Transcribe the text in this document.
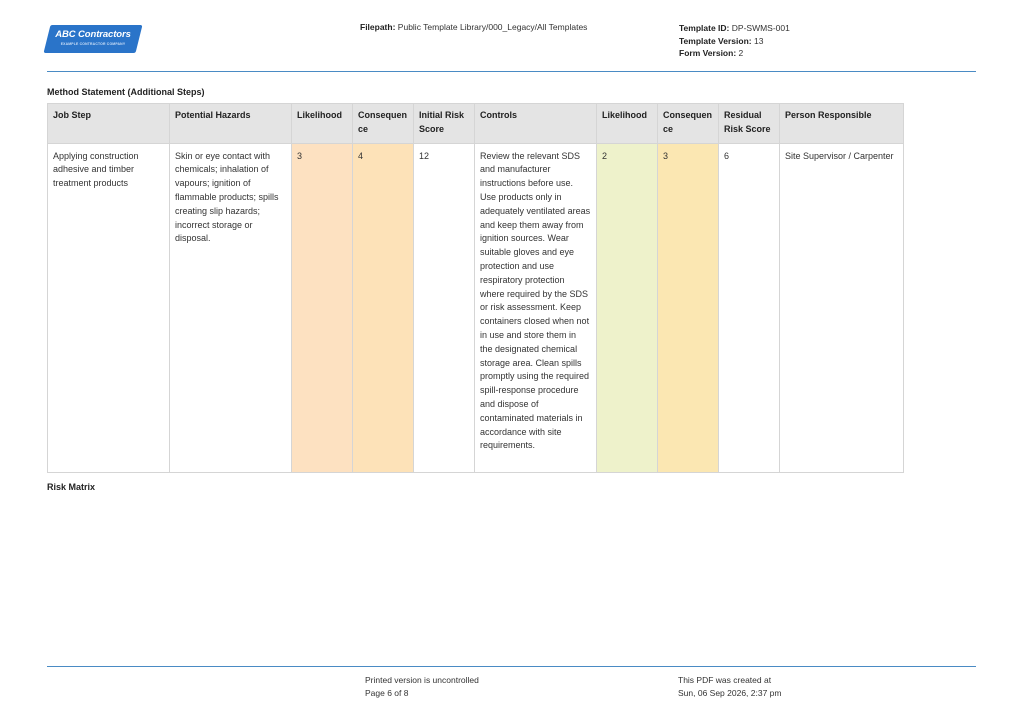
ABC Contractors
EXAMPLE CONTRACTOR COMPANY
Filepath: Public Template Library/000_Legacy/All Templates	Template ID: DP-SWMS-001
Template Version: 13
Form Version: 2
Method Statement (Additional Steps)
Job Step	Potential Hazards	Likelihood	Consequen ce	Initial Risk Score	Controls	Likelihood	Consequen ce	Residual Risk Score	Person Responsible
Applying construction adhesive and timber treatment products	Skin or eye contact with chemicals; inhalation of vapours; ignition of flammable products; spills creating slip hazards; incorrect storage or disposal.	3	4	12	Review the relevant SDS and manufacturer instructions before use. Use products only in adequately ventilated areas and keep them away from ignition sources. Wear suitable gloves and eye protection and use respiratory protection where required by the SDS or risk assessment. Keep containers closed when not in use and store them in the designated chemical storage area. Clean spills promptly using the required spill-response procedure and dispose of contaminated materials in accordance with site requirements.	2	3	6	Site Supervisor / Carpenter
Risk Matrix
Printed version is uncontrolled
Page 6 of 8
This PDF was created at
Sun, 06 Sep 2026, 2:37 pm
